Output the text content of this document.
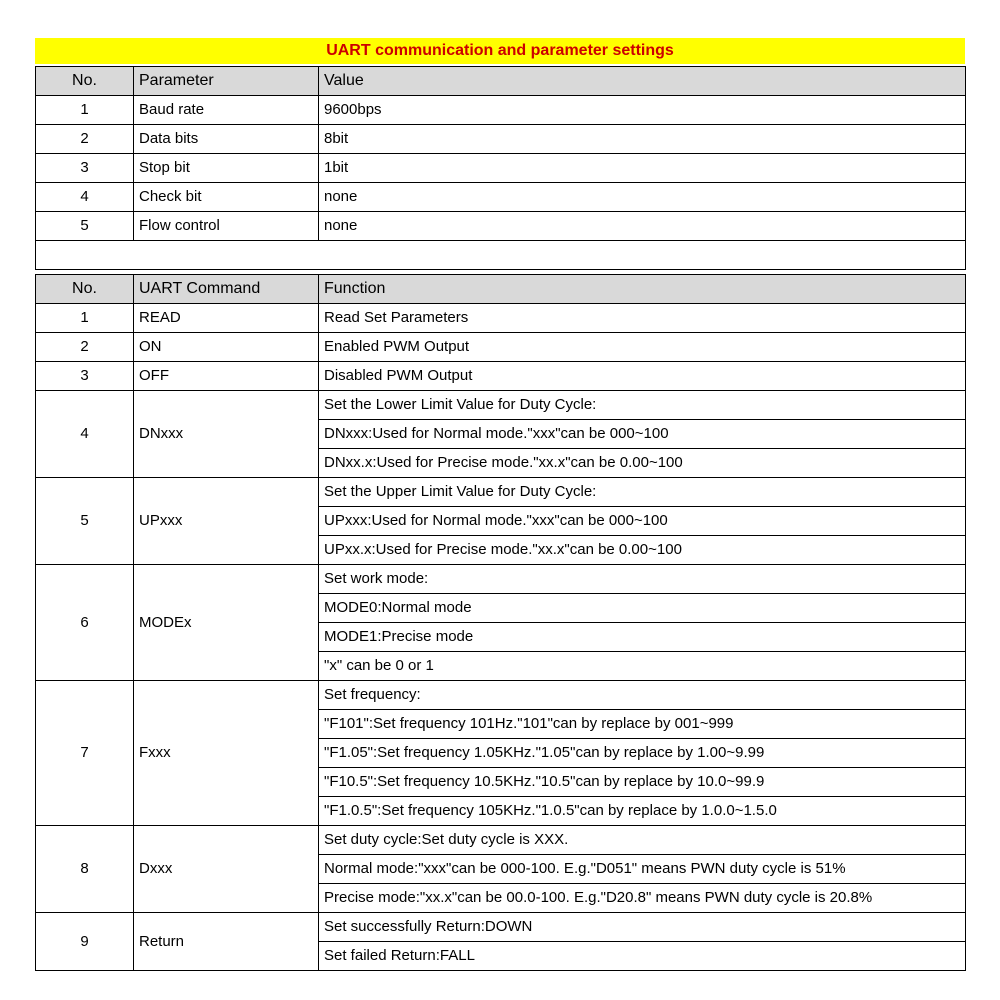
UART communication and parameter settings
No.	Parameter	Value
1	Baud rate	9600bps
2	Data bits	8bit
3	Stop bit	1bit
4	Check bit	none
5	Flow control	none

No.	UART Command	Function
1	READ	Read Set Parameters
2	ON	Enabled PWM Output
3	OFF	Disabled PWM Output
4	DNxxx	Set the Lower Limit Value for Duty Cycle:
		DNxxx:Used for Normal mode."xxx"can be 000~100
		DNxx.x:Used for Precise mode."xx.x"can be 0.00~100
5	UPxxx	Set the Upper Limit Value for Duty Cycle:
		UPxxx:Used for Normal mode."xxx"can be 000~100
		UPxx.x:Used for Precise mode."xx.x"can be 0.00~100
6	MODEx	Set work mode:
		MODE0:Normal mode
		MODE1:Precise mode
		"x" can be 0 or 1
7	Fxxx	Set frequency:
		"F101":Set frequency 101Hz."101"can by replace by 001~999
		"F1.05":Set frequency 1.05KHz."1.05"can by replace by 1.00~9.99
		"F10.5":Set frequency 10.5KHz."10.5"can by replace by 10.0~99.9
		"F1.0.5":Set frequency 105KHz."1.0.5"can by replace by 1.0.0~1.5.0
8	Dxxx	Set duty cycle:Set duty cycle is XXX.
		Normal mode:"xxx"can be 000-100. E.g."D051" means PWN duty cycle is 51%
		Precise mode:"xx.x"can be 00.0-100. E.g."D20.8" means PWN duty cycle is 20.8%
9	Return	Set successfully Return:DOWN
		Set failed Return:FALL
